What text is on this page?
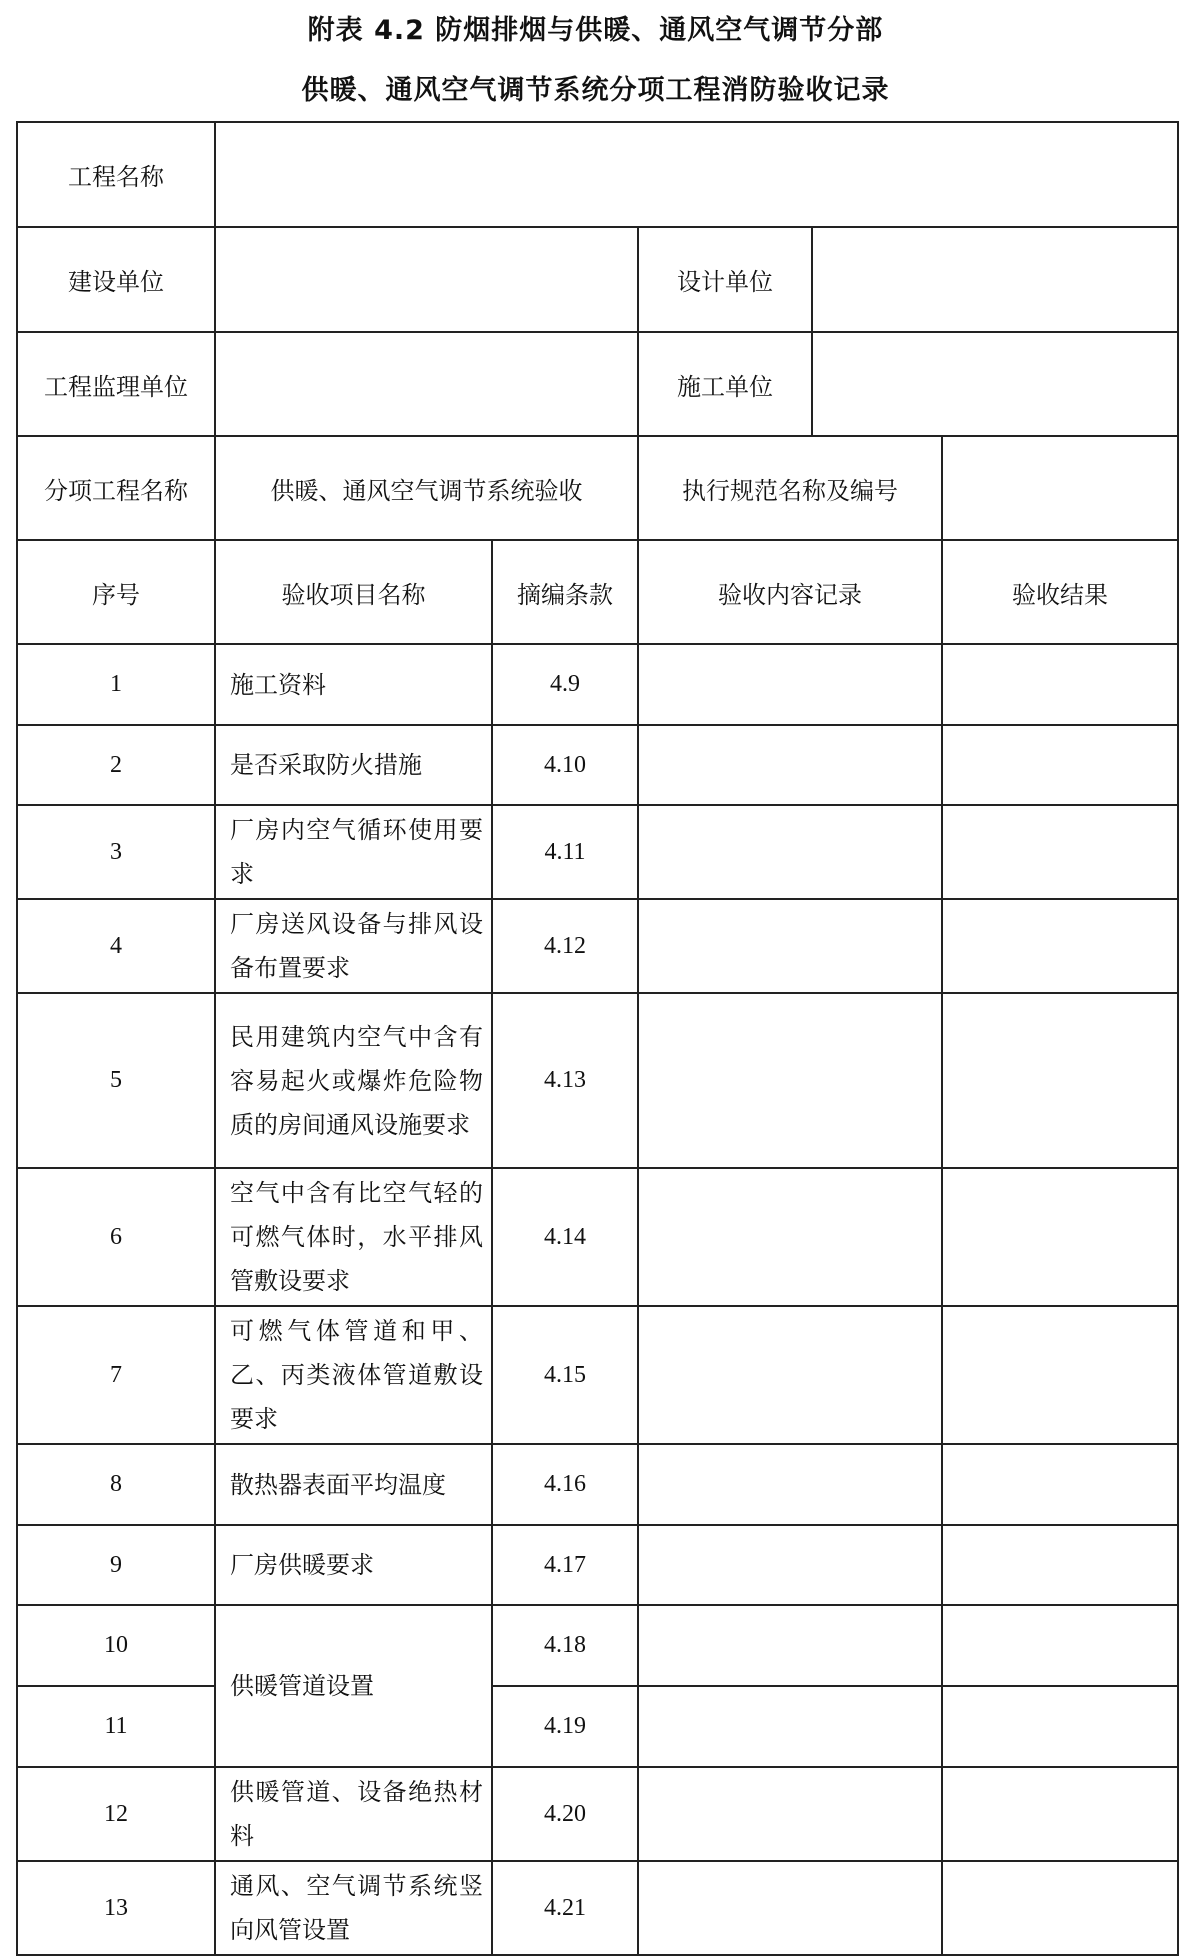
附表 4.2 防烟排烟与供暖、通风空气调节分部
供暖、通风空气调节系统分项工程消防验收记录
工程名称					
建设单位			设计单位		
工程监理单位			施工单位		
分项工程名称	供暖、通风空气调节系统验收		执行规范名称及编号		
序号	验收项目名称	摘编条款	验收内容记录		验收结果
1	施工资料	4.9			
2	是否采取防火措施	4.10			
3	厂房内空气循环使用要求	4.11			
4	厂房送风设备与排风设备布置要求	4.12			
5	民用建筑内空气中含有容易起火或爆炸危险物质的房间通风设施要求	4.13			
6	空气中含有比空气轻的可燃气体时，水平排风管敷设要求	4.14			
7	可燃气体管道和甲、乙、丙类液体管道敷设要求	4.15			
8	散热器表面平均温度	4.16			
9	厂房供暖要求	4.17			
10	供暖管道设置	4.18			
11		4.19			
12	供暖管道、设备绝热材料	4.20			
13	通风、空气调节系统竖向风管设置	4.21			
